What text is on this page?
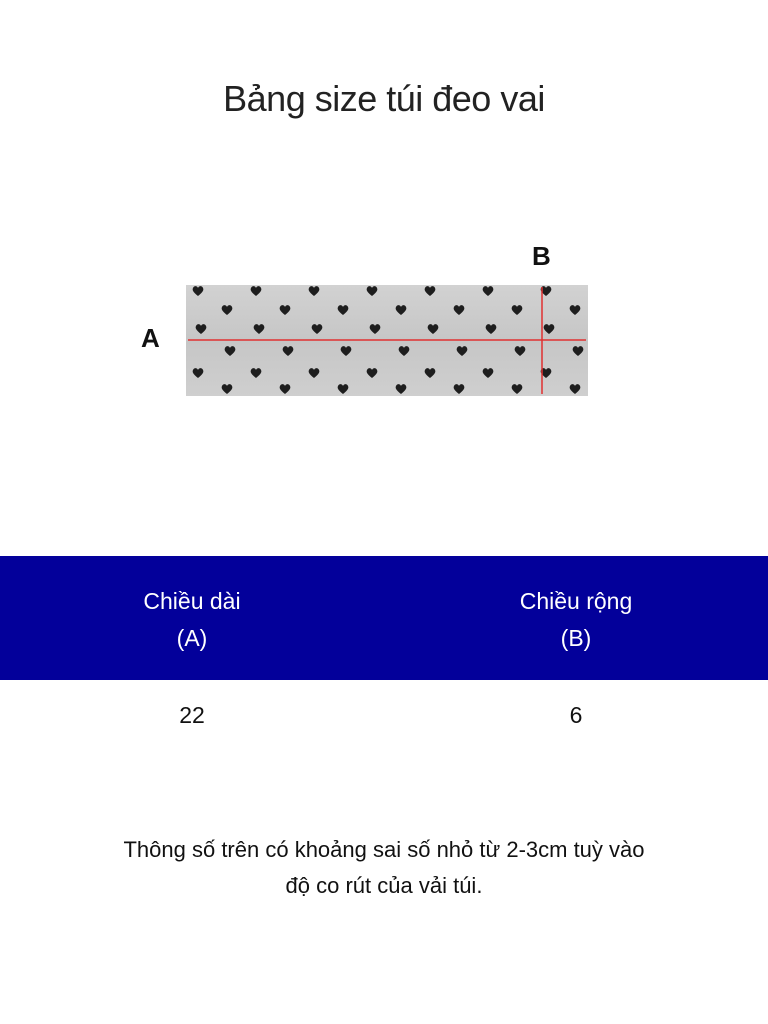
Bảng size túi đeo vai
A
B
Chiều dài
(A)
Chiều rộng
(B)
22	6
Thông số trên có khoảng sai số nhỏ từ 2-3cm tuỳ vào
độ co rút của vải túi.
